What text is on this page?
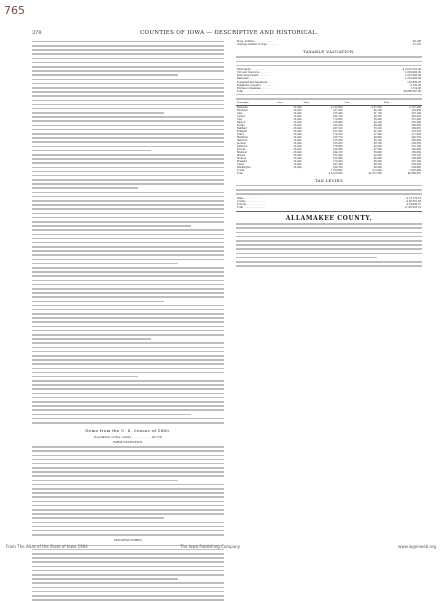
765
370	COUNTIES OF IOWA — DESCRIPTIVE AND HISTORICAL.
Items from the U. S. Census of 1880.
Population of the county . . . . . . . . . . 10,770
FARM STATISTICS.
MANUFACTURES.
Hogs, number . . . . . . . . . . . .	28,108
Average number of hogs . . . . . . . .	27,187
TAXABLE VALUATION.
Farm lands . . . . . . . . . . . .	$ 2,810,762.00
City and town lots . . . . . . . .	1,010,000.00
Personal property . . . . . . . .	1,007,506.00
Railroads . . . . . . . . . . . .	1,210,000.00
Telegraph and telephone . . . .	102,800.00
Telephone property . . . . . . .	9,100.00
Express companies . . . . . . .	1,710.00
Total . . . . . . . . . . . . . .	$6,089,597.00
Townships	Area	Value	Pers.	Total
Belleville	23,040	$ 199,860	$ 57,600	$ 257,460
Brooklyn	23,040	187,350	48,100	235,450
Cass	23,040	215,400	51,700	267,100
Center	23,040	202,120	40,300	242,420
Clay	23,040	176,600	38,900	215,500
Dayton	23,040	188,440	44,100	232,540
Dodge	23,040	193,250	46,800	240,050
Fairfield	23,040	207,610	53,200	260,810
Franklin	23,040	181,930	41,600	223,530
Grant	23,040	174,520	37,400	211,920
Hamilton	23,040	196,770	49,800	246,570
Harrison	23,040	210,380	55,100	265,480
Jackson	23,040	185,650	43,700	229,350
Jefferson	23,040	178,900	40,200	219,100
Lincoln	23,040	199,300	47,500	246,800
Madison	23,040	204,150	50,900	255,050
Marion	23,040	183,420	42,300	225,720
Monroe	23,040	192,880	45,600	238,480
Pleasant	23,040	170,260	36,900	207,160
Union	23,040	201,540	48,700	250,240
Washington	23,040	189,760	44,900	234,660
Towns		1,010,000	312,400	1,322,400
Total		$ 5,010,000	$1,077,606	$6,089,597
TAX LEVIES
State . . . . . . . . . . . . . .	$ 12,179.19
County . . . . . . . . . . . . .	$ 36,537.58
Schools . . . . . . . . . . . . .	$ 54,806.37
Total . . . . . . . . . . . . . .	$ 103,523.14
ALLAMAKEE COUNTY.
From The Atlas of the State of Iowa 1904	The Iowa Publishing Company	www.iagenweb.org
